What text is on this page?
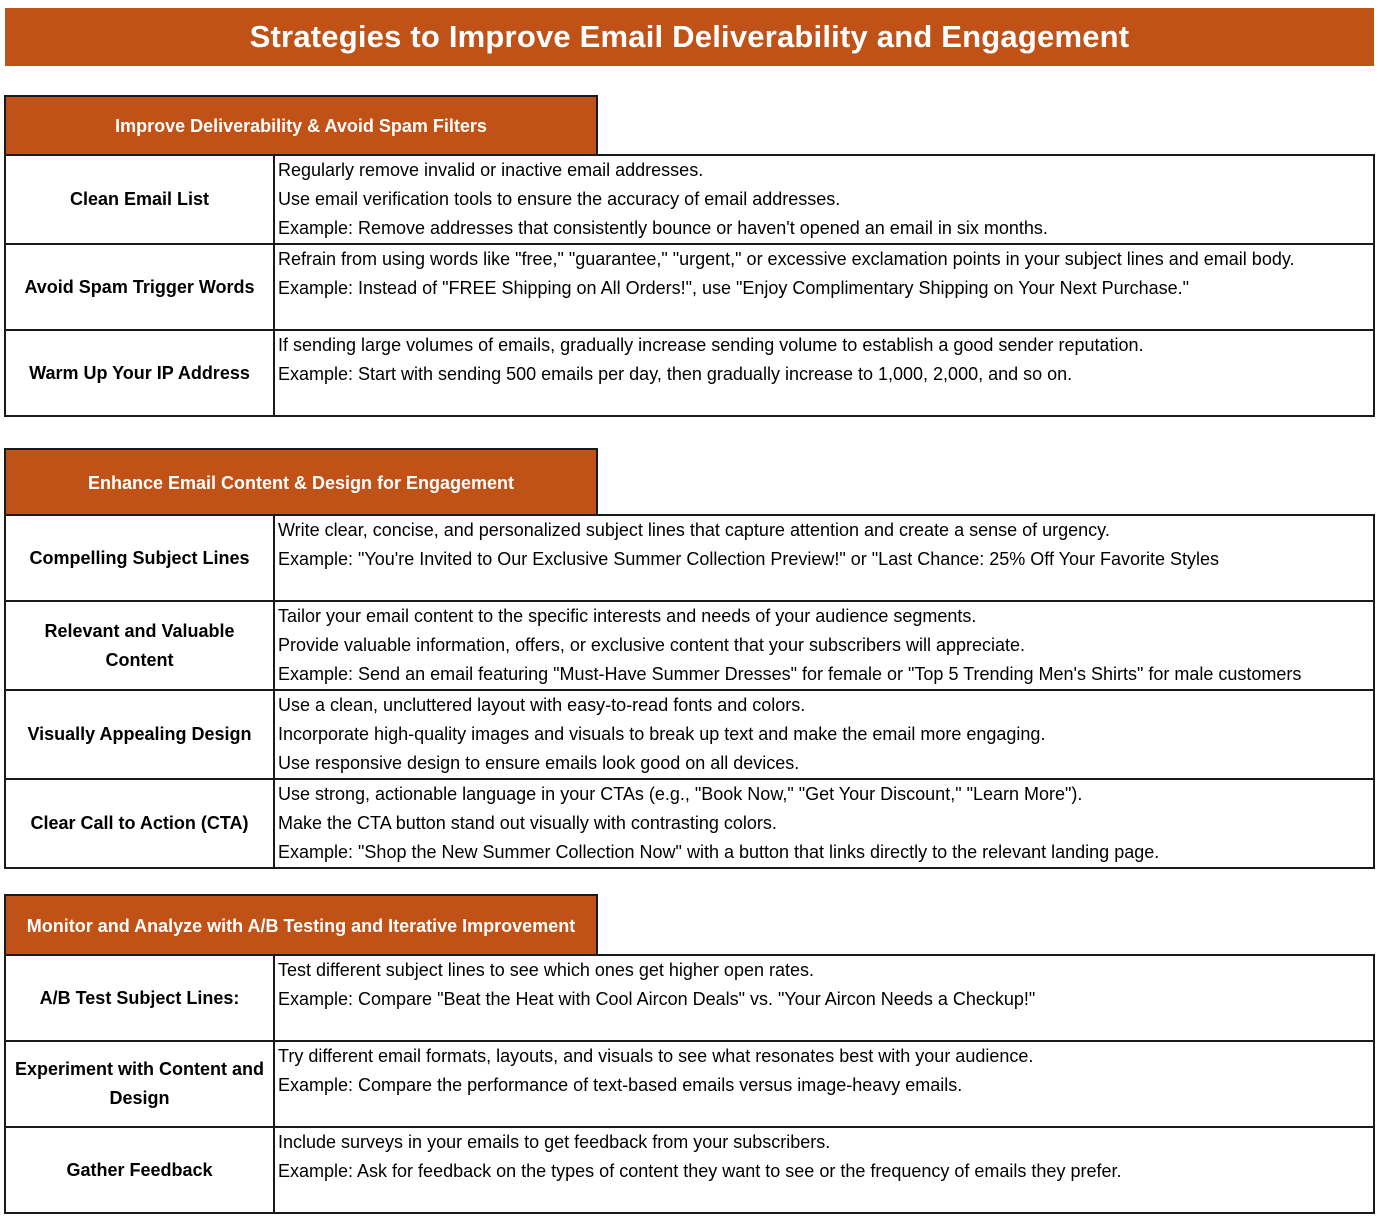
Strategies to Improve Email Deliverability and Engagement
Improve Deliverability & Avoid Spam Filters
Clean Email List	Regularly remove invalid or inactive email addresses.
Use email verification tools to ensure the accuracy of email addresses.
Example: Remove addresses that consistently bounce or haven't opened an email in six months.

Avoid Spam Trigger Words	Refrain from using words like "free," "guarantee," "urgent," or excessive exclamation points in your subject lines and email body.
Example: Instead of "FREE Shipping on All Orders!", use "Enjoy Complimentary Shipping on Your Next Purchase."

Warm Up Your IP Address	If sending large volumes of emails, gradually increase sending volume to establish a good sender reputation.
Example: Start with sending 500 emails per day, then gradually increase to 1,000, 2,000, and so on.
Enhance Email Content & Design for Engagement
Compelling Subject Lines	Write clear, concise, and personalized subject lines that capture attention and create a sense of urgency.
Example: "You're Invited to Our Exclusive Summer Collection Preview!" or "Last Chance: 25% Off Your Favorite Styles

Relevant and Valuable Content	Tailor your email content to the specific interests and needs of your audience segments.
Provide valuable information, offers, or exclusive content that your subscribers will appreciate.
Example: Send an email featuring "Must-Have Summer Dresses" for female or "Top 5 Trending Men's Shirts" for male customers

Visually Appealing Design	Use a clean, uncluttered layout with easy-to-read fonts and colors.
Incorporate high-quality images and visuals to break up text and make the email more engaging.
Use responsive design to ensure emails look good on all devices.

Clear Call to Action (CTA)	Use strong, actionable language in your CTAs (e.g., "Book Now," "Get Your Discount," "Learn More").
Make the CTA button stand out visually with contrasting colors.
Example: "Shop the New Summer Collection Now" with a button that links directly to the relevant landing page.
Monitor and Analyze with A/B Testing and Iterative Improvement
A/B Test Subject Lines:	Test different subject lines to see which ones get higher open rates.
Example: Compare "Beat the Heat with Cool Aircon Deals" vs. "Your Aircon Needs a Checkup!"

Experiment with Content and Design	Try different email formats, layouts, and visuals to see what resonates best with your audience.
Example: Compare the performance of text-based emails versus image-heavy emails.

Gather Feedback	Include surveys in your emails to get feedback from your subscribers.
Example: Ask for feedback on the types of content they want to see or the frequency of emails they prefer.
